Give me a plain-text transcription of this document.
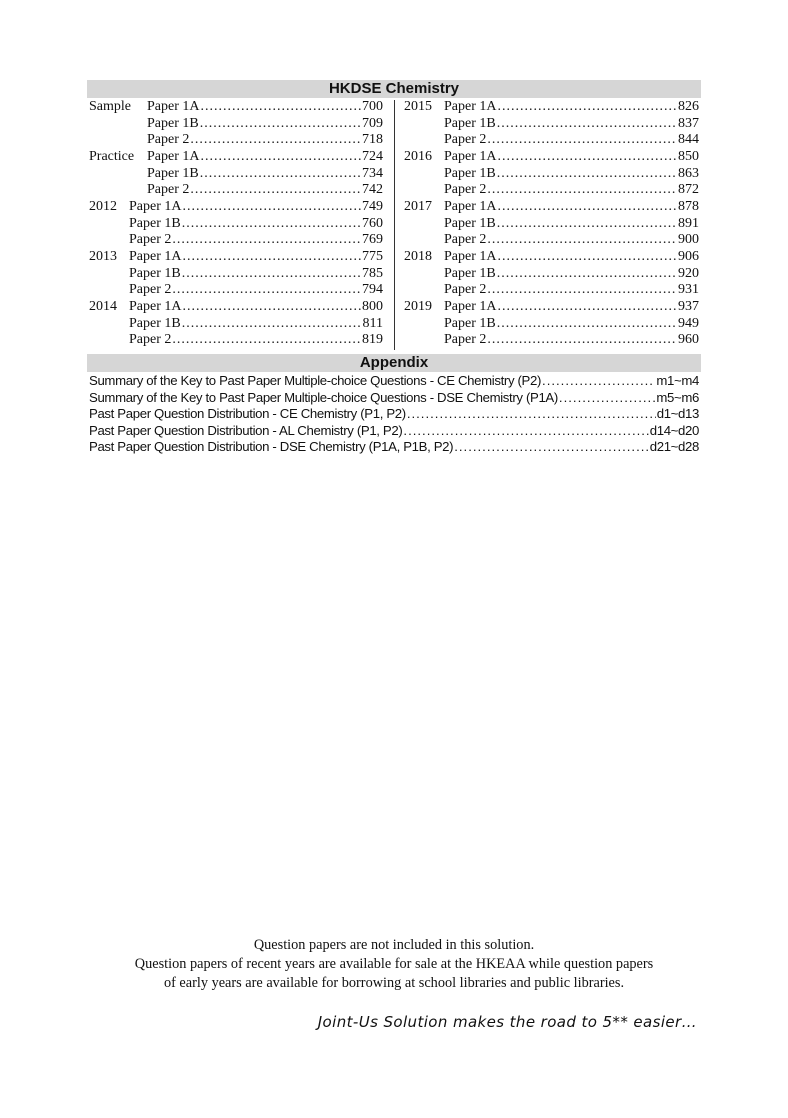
HKDSE Chemistry
Sample Paper 1A .....	700
Paper 1B .....	709
Paper 2 .....	718
Practice Paper 1A .....	724
Paper 1B .....	734
Paper 2 .....	742
2012 Paper 1A .....	749
Paper 1B .....	760
Paper 2 .....	769
2013 Paper 1A .....	775
Paper 1B .....	785
Paper 2 .....	794
2014 Paper 1A .....	800
Paper 1B .....	811
Paper 2 .....	819
2015 Paper 1A .....	826
Paper 1B .....	837
Paper 2 .....	844
2016 Paper 1A .....	850
Paper 1B .....	863
Paper 2 .....	872
2017 Paper 1A .....	878
Paper 1B .....	891
Paper 2 .....	900
2018 Paper 1A .....	906
Paper 1B .....	920
Paper 2 .....	931
2019 Paper 1A .....	937
Paper 1B .....	949
Paper 2 .....	960
Appendix
Summary of the Key to Past Paper Multiple-choice Questions - CE Chemistry (P2) .....	m1~m4
Summary of the Key to Past Paper Multiple-choice Questions - DSE Chemistry (P1A) .....	m5~m6
Past Paper Question Distribution - CE Chemistry (P1, P2) .....	d1~d13
Past Paper Question Distribution - AL Chemistry (P1, P2) .....	d14~d20
Past Paper Question Distribution - DSE Chemistry (P1A, P1B, P2) .....	d21~d28
Question papers are not included in this solution.
Question papers of recent years are available for sale at the HKEAA while question papers
of early years are available for borrowing at school libraries and public libraries.
Joint-Us Solution makes the road to 5** easier…
